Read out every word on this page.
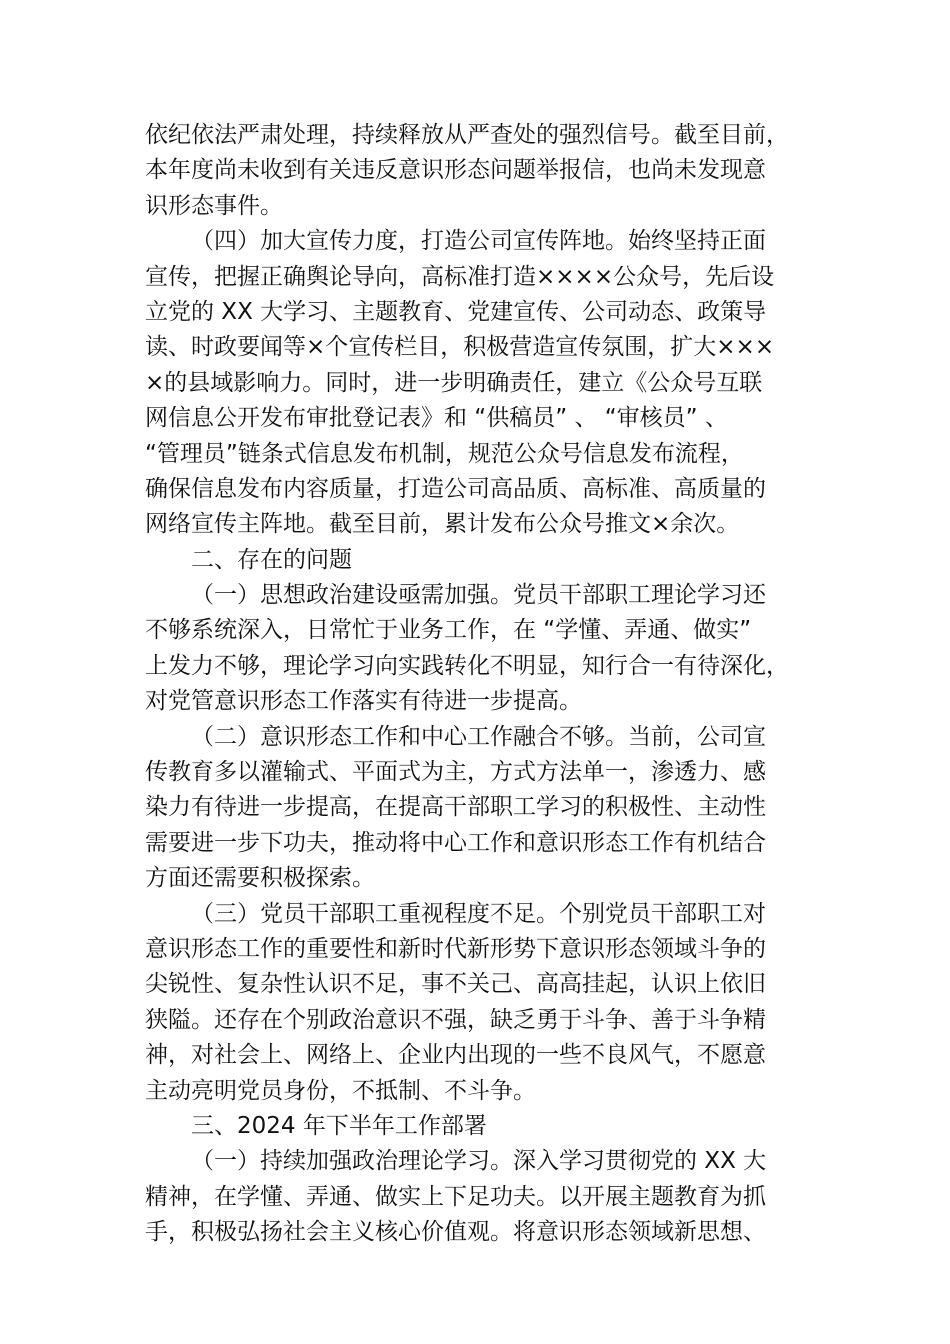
依纪依法严肃处理，持续释放从严查处的强烈信号。截至目前，
本年度尚未收到有关违反意识形态问题举报信，也尚未发现意
识形态事件。
（四）加大宣传力度，打造公司宣传阵地。始终坚持正面
宣传，把握正确舆论导向，高标准打造××××公众号，先后设
立党的 XX 大学习、主题教育、党建宣传、公司动态、政策导
读、时政要闻等×个宣传栏目，积极营造宣传氛围，扩大×××
×的县域影响力。同时，进一步明确责任，建立《公众号互联
网信息公开发布审批登记表》和 “供稿员” 、 “审核员” 、
“管理员”链条式信息发布机制，规范公众号信息发布流程，
确保信息发布内容质量，打造公司高品质、高标准、高质量的
网络宣传主阵地。截至目前，累计发布公众号推文×余次。
二、存在的问题
（一）思想政治建设亟需加强。党员干部职工理论学习还
不够系统深入，日常忙于业务工作，在 “学懂、弄通、做实”
上发力不够，理论学习向实践转化不明显，知行合一有待深化，
对党管意识形态工作落实有待进一步提高。
（二）意识形态工作和中心工作融合不够。当前，公司宣
传教育多以灌输式、平面式为主，方式方法单一，渗透力、感
染力有待进一步提高，在提高干部职工学习的积极性、主动性
需要进一步下功夫，推动将中心工作和意识形态工作有机结合
方面还需要积极探索。
（三）党员干部职工重视程度不足。个别党员干部职工对
意识形态工作的重要性和新时代新形势下意识形态领域斗争的
尖锐性、复杂性认识不足，事不关己、高高挂起，认识上依旧
狭隘。还存在个别政治意识不强，缺乏勇于斗争、善于斗争精
神，对社会上、网络上、企业内出现的一些不良风气，不愿意
主动亮明党员身份，不抵制、不斗争。
三、2024 年下半年工作部署
（一）持续加强政治理论学习。深入学习贯彻党的 XX 大
精神，在学懂、弄通、做实上下足功夫。以开展主题教育为抓
手，积极弘扬社会主义核心价值观。将意识形态领域新思想、
